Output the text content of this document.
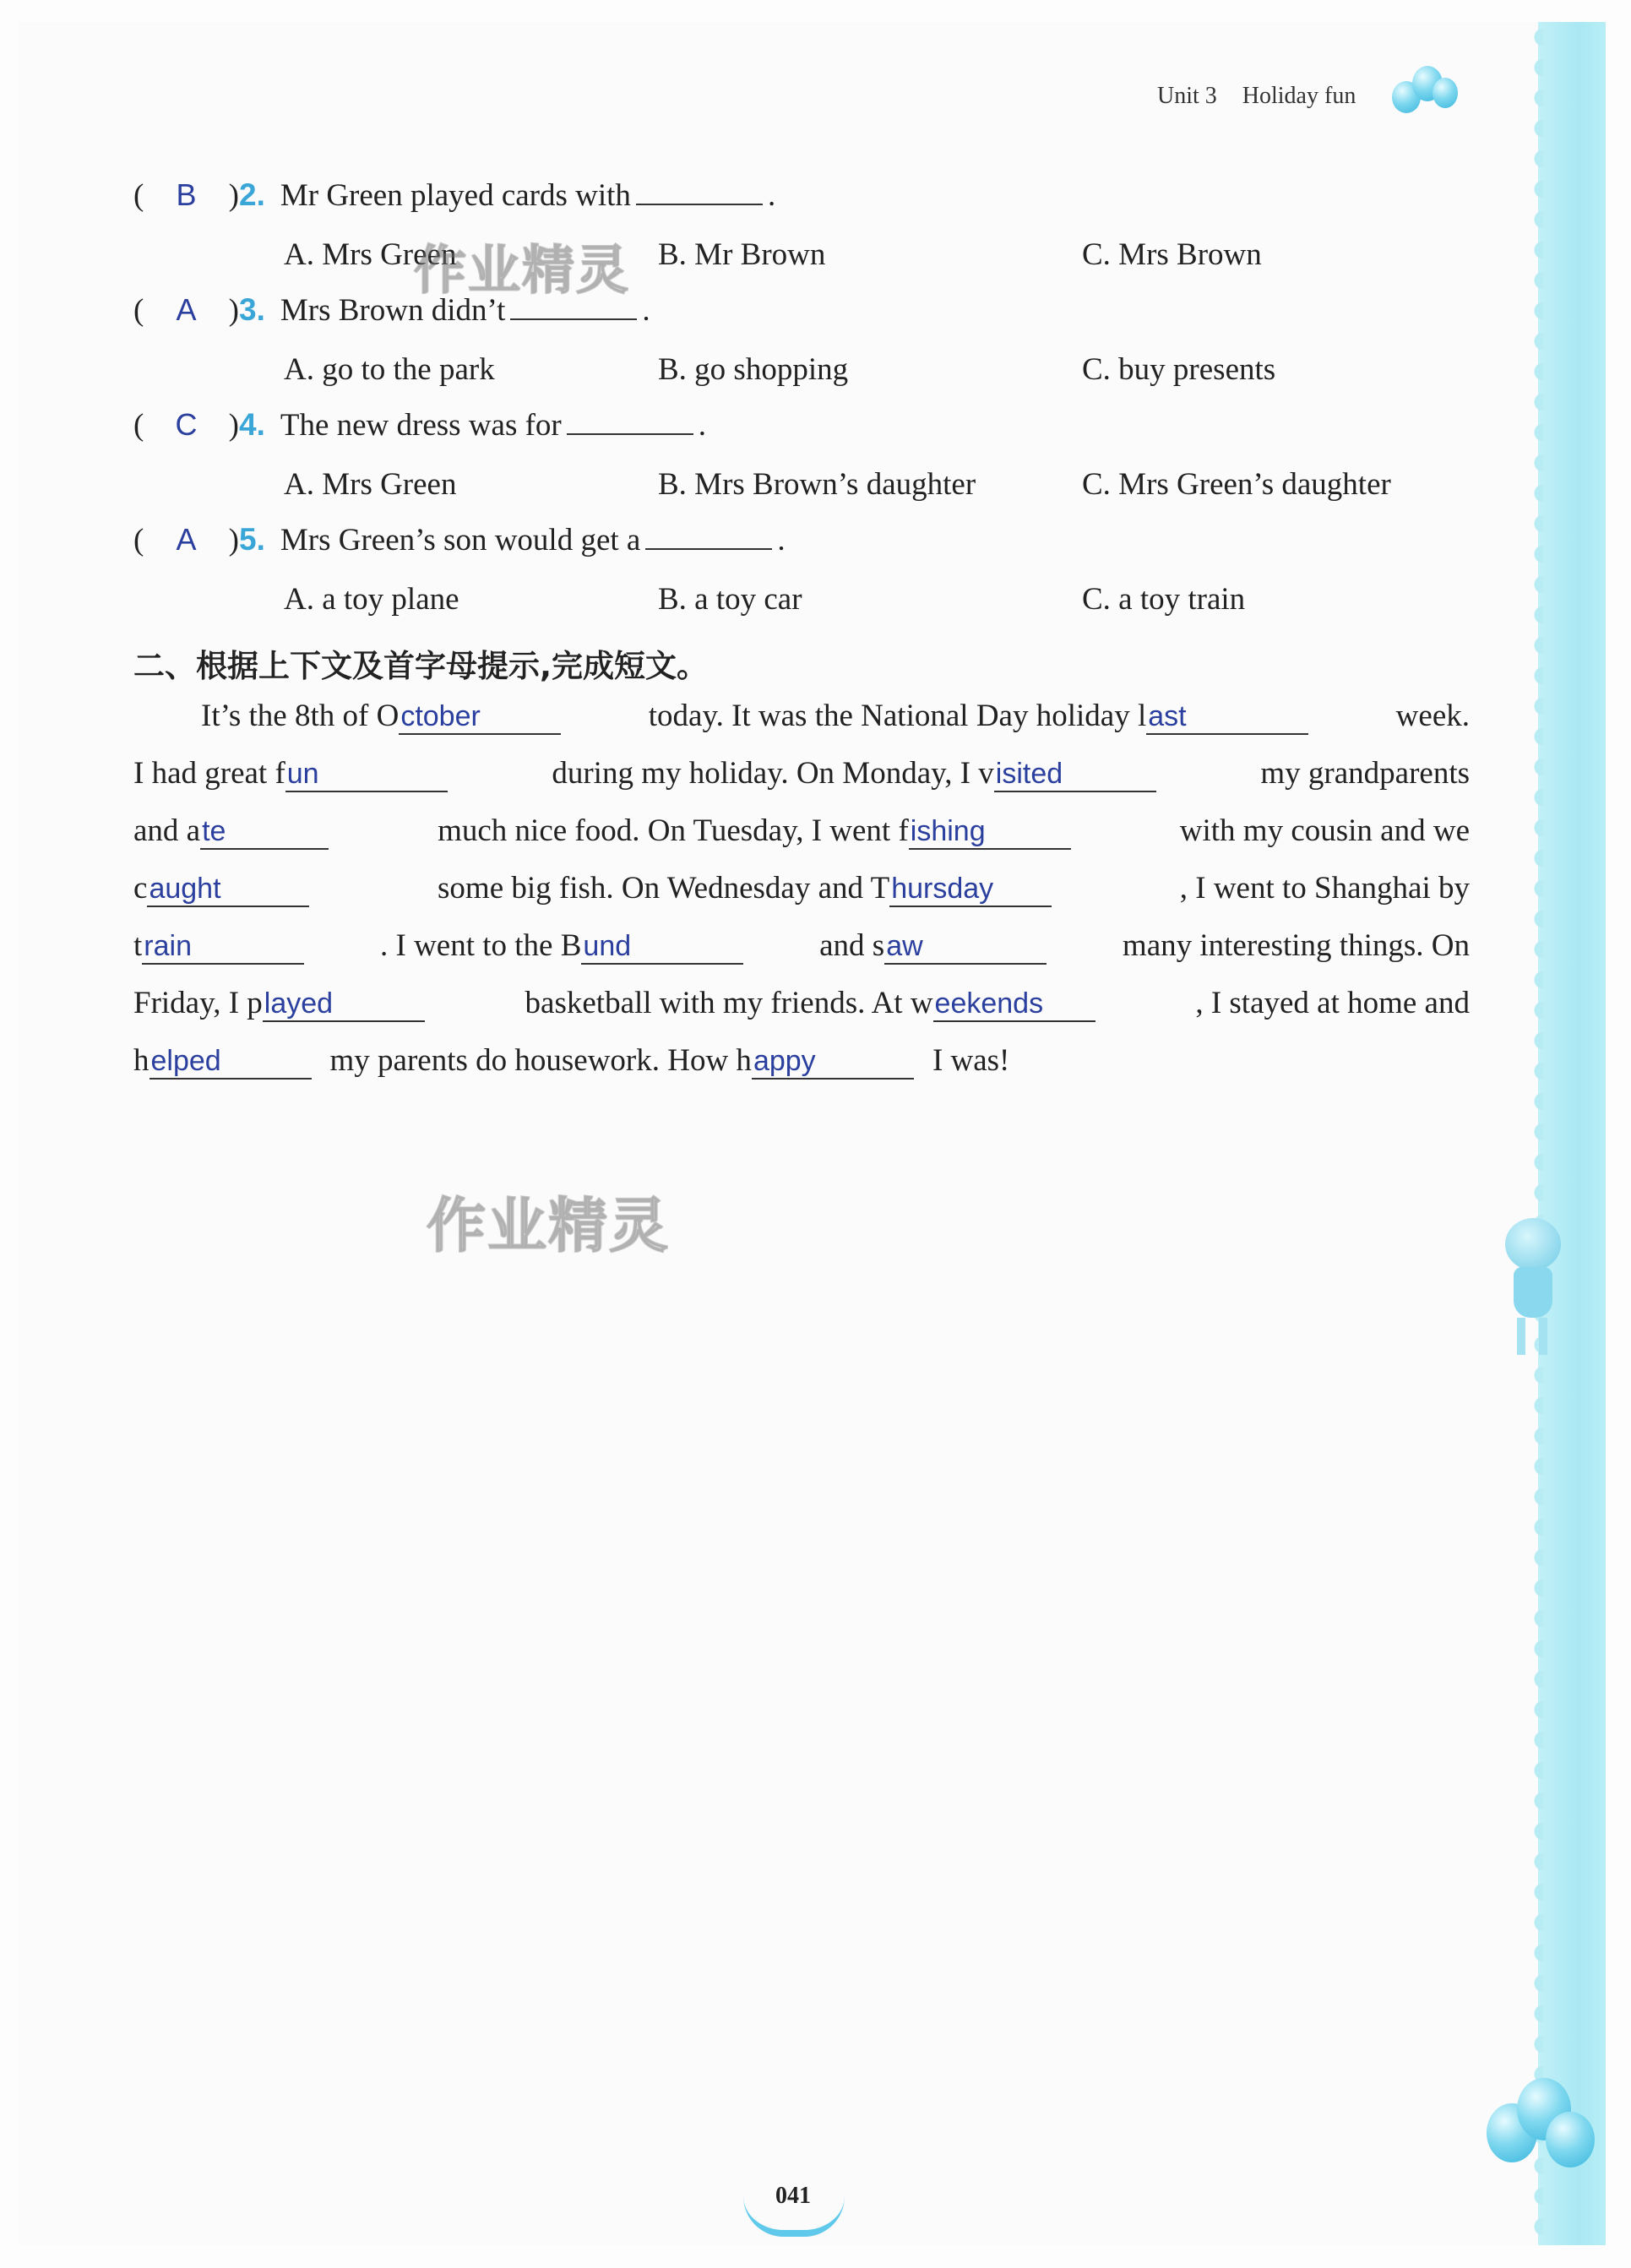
Unit 3 Holiday fun
( B ) 2. Mr Green played cards with	.
A. Mrs Green	B. Mr Brown	C. Mrs Brown
( A ) 3. Mrs Brown didn’t	.
A. go to the park	B. go shopping	C. buy presents
( C ) 4. The new dress was for	.
A. Mrs Green	B. Mrs Brown’s daughter	C. Mrs Green’s daughter
( A ) 5. Mrs Green’s son would get a	.
A. a toy plane	B. a toy car	C. a toy train
二、根据上下文及首字母提示,完成短文。
It’s the 8th of October	today. It was the National Day holiday last	week.
I had great fun	during my holiday. On Monday, I visited	my grandparents
and ate	much nice food. On Tuesday, I went fishing	with my cousin and we
caught	some big fish. On Wednesday and Thursday	, I went to Shanghai by
train	. I went to the Bund	and saw	many interesting things. On
Friday, I played	basketball with my friends. At weekends	, I stayed at home and
helped	my parents do housework. How happy	I was!
作业精灵
作业精灵
041
